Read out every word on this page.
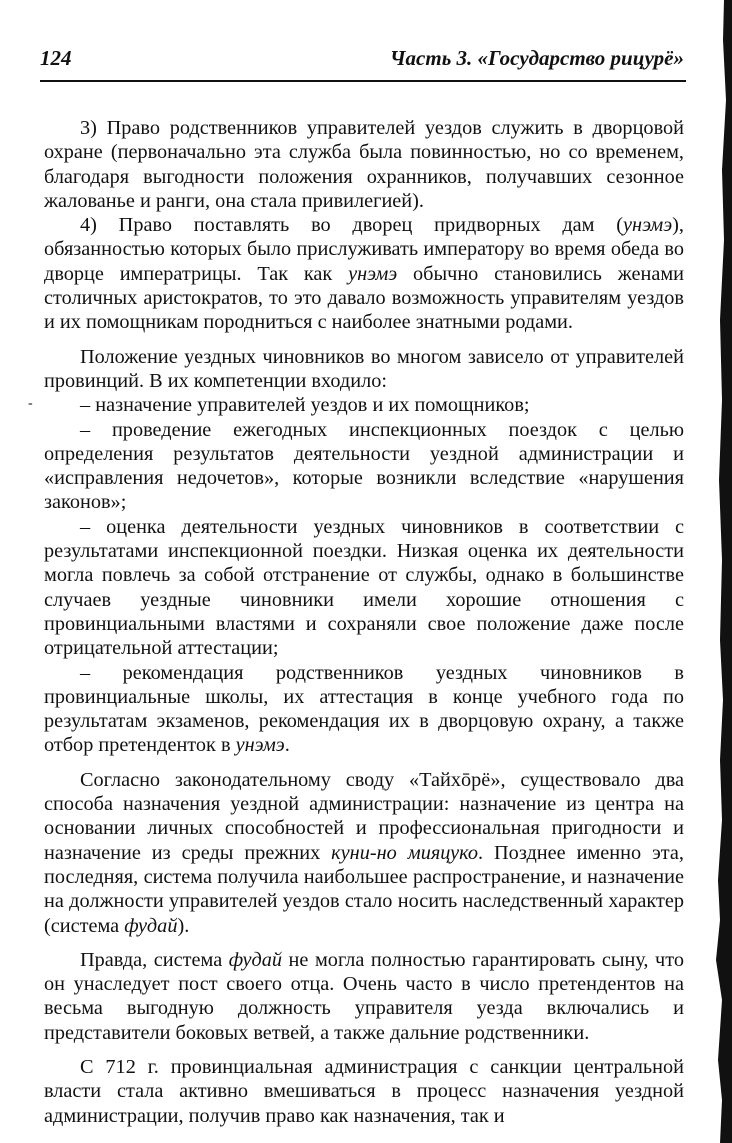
124	Часть 3. «Государство рицурё»
-

3) Право родственников управителей уездов служить в дворцовой охране (первоначально эта служба была повинностью, но со временем, благодаря выгодности положения охранников, получавших сезонное жалованье и ранги, она стала привилегией).

4) Право поставлять во дворец придворных дам (унэмэ), обязанностью которых было прислуживать императору во время обеда во дворце императрицы. Так как унэмэ обычно становились женами столичных аристократов, то это давало возможность управителям уездов и их помощникам породниться с наиболее знатными родами.

Положение уездных чиновников во многом зависело от управителей провинций. В их компетенции входило:

– назначение управителей уездов и их помощников;

– проведение ежегодных инспекционных поездок с целью определения результатов деятельности уездной администрации и «исправления недочетов», которые возникли вследствие «нарушения законов»;

– оценка деятельности уездных чиновников в соответствии с результатами инспекционной поездки. Низкая оценка их деятельности могла повлечь за собой отстранение от службы, однако в большинстве случаев уездные чиновники имели хорошие отношения с провинциальными властями и сохраняли свое положение даже после отрицательной аттестации;

– рекомендация родственников уездных чиновников в провинциальные школы, их аттестация в конце учебного года по результатам экзаменов, рекомендация их в дворцовую охрану, а также отбор претенденток в унэмэ.

Согласно законодательному своду «Тайхōрё», существовало два способа назначения уездной администрации: назначение из центра на основании личных способностей и профессиональная пригодности и назначение из среды прежних куни-но мияцуко. Позднее именно эта, последняя, система получила наибольшее распространение, и назначение на должности управителей уездов стало носить наследственный характер (система фудай).

Правда, система фудай не могла полностью гарантировать сыну, что он унаследует пост своего отца. Очень часто в число претендентов на весьма выгодную должность управителя уезда включались и представители боковых ветвей, а также дальние родственники.

С 712 г. провинциальная администрация с санкции центральной власти стала активно вмешиваться в процесс назначения уездной администрации, получив право как назначения, так и
